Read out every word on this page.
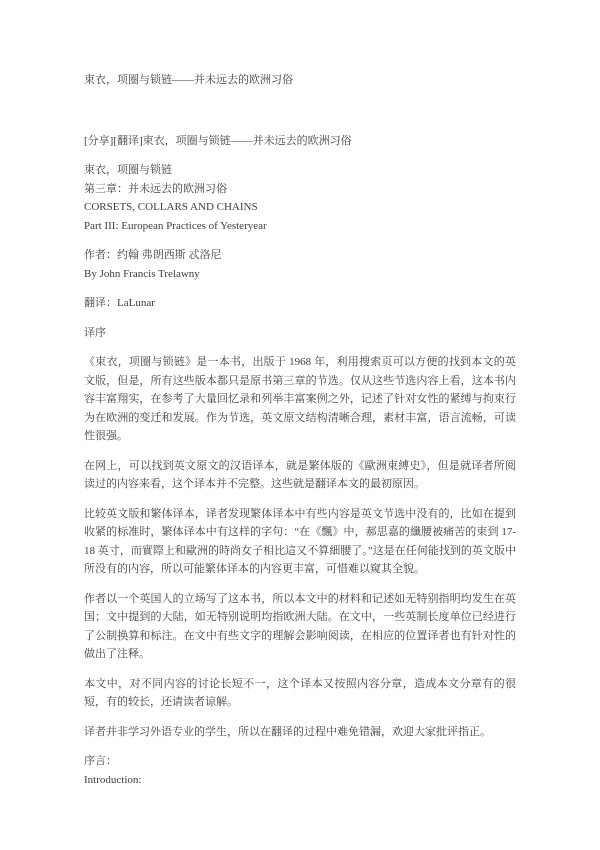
束衣，项圈与锁链——并未远去的欧洲习俗

[分享][翻译]束衣，项圈与锁链——并未远去的欧洲习俗

束衣，项圈与锁链
第三章：并未远去的欧洲习俗
CORSETS, COLLARS AND CHAINS
Part III: European Practices of Yesteryear
作者：约翰 弗朗西斯 忒洛尼
By John Francis Trelawny

翻译：LaLunar

译序

《束衣，项圈与锁链》是一本书，出版于 1968 年，利用搜索页可以方便的找到本文的英文版，但是，所有这些版本都只是原书第三章的节选。仅从这些节选内容上看，这本书内容丰富翔实，在参考了大量回忆录和列举丰富案例之外，记述了针对女性的紧缚与拘束行为在欧洲的变迁和发展。作为节选，英文原文结构清晰合理，素材丰富，语言流畅，可读性很强。

在网上，可以找到英文原文的汉语译本，就是繁体版的《歐洲束縛史》，但是就译者所阅读过的内容来看，这个译本并不完整。这些就是翻译本文的最初原因。

比较英文版和繁体译本，译者发现繁体译本中有些内容是英文节选中没有的，比如在提到收紧的标准时，繁体译本中有这样的字句：“在《飄》中，郝思嘉的纖腰被痛苦的束到 17-18 英寸，而實際上和歐洲的時尚女子相比這又不算細腰了。”这是在任何能找到的英文版中所没有的内容，所以可能繁体译本的内容更丰富，可惜难以窥其全貌。

作者以一个英国人的立场写了这本书，所以本文中的材料和记述如无特别指明均发生在英国；文中提到的大陆，如无特别说明均指欧洲大陆。在文中，一些英制长度单位已经进行了公制换算和标注。在文中有些文字的理解会影响阅读，在相应的位置译者也有针对性的做出了注释。

本文中，对不同内容的讨论长短不一，这个译本又按照内容分章，造成本文分章有的很短，有的较长，还请读者谅解。

译者并非学习外语专业的学生，所以在翻译的过程中难免错漏，欢迎大家批评指正。

序言：
Introduction:
